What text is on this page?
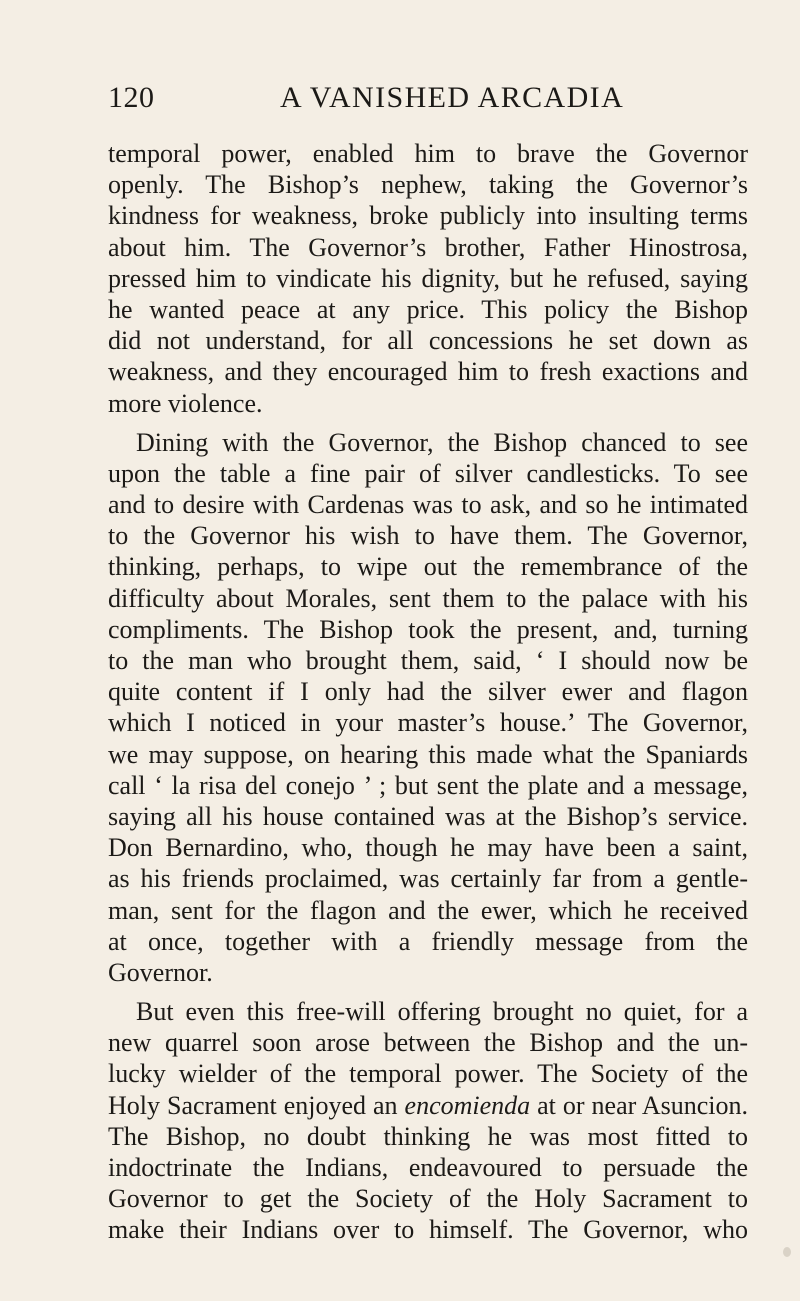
120	A VANISHED ARCADIA
temporal power, enabled him to brave the Governor
openly. The Bishop’s nephew, taking the Governor’s
kindness for weakness, broke publicly into insulting terms
about him. The Governor’s brother, Father Hinostrosa,
pressed him to vindicate his dignity, but he refused, saying
he wanted peace at any price. This policy the Bishop
did not understand, for all concessions he set down as
weakness, and they encouraged him to fresh exactions and
more violence.
Dining with the Governor, the Bishop chanced to see
upon the table a fine pair of silver candlesticks. To see
and to desire with Cardenas was to ask, and so he intimated
to the Governor his wish to have them. The Governor,
thinking, perhaps, to wipe out the remembrance of the
difficulty about Morales, sent them to the palace with his
compliments. The Bishop took the present, and, turning
to the man who brought them, said, ‘ I should now be
quite content if I only had the silver ewer and flagon
which I noticed in your master’s house.’ The Governor,
we may suppose, on hearing this made what the Spaniards
call ‘ la risa del conejo ’ ; but sent the plate and a message,
saying all his house contained was at the Bishop’s service.
Don Bernardino, who, though he may have been a saint,
as his friends proclaimed, was certainly far from a gentle-
man, sent for the flagon and the ewer, which he received
at once, together with a friendly message from the
Governor.
But even this free-will offering brought no quiet, for a
new quarrel soon arose between the Bishop and the un-
lucky wielder of the temporal power. The Society of the
Holy Sacrament enjoyed an encomienda at or near Asuncion.
The Bishop, no doubt thinking he was most fitted to
indoctrinate the Indians, endeavoured to persuade the
Governor to get the Society of the Holy Sacrament to
make their Indians over to himself. The Governor, who
